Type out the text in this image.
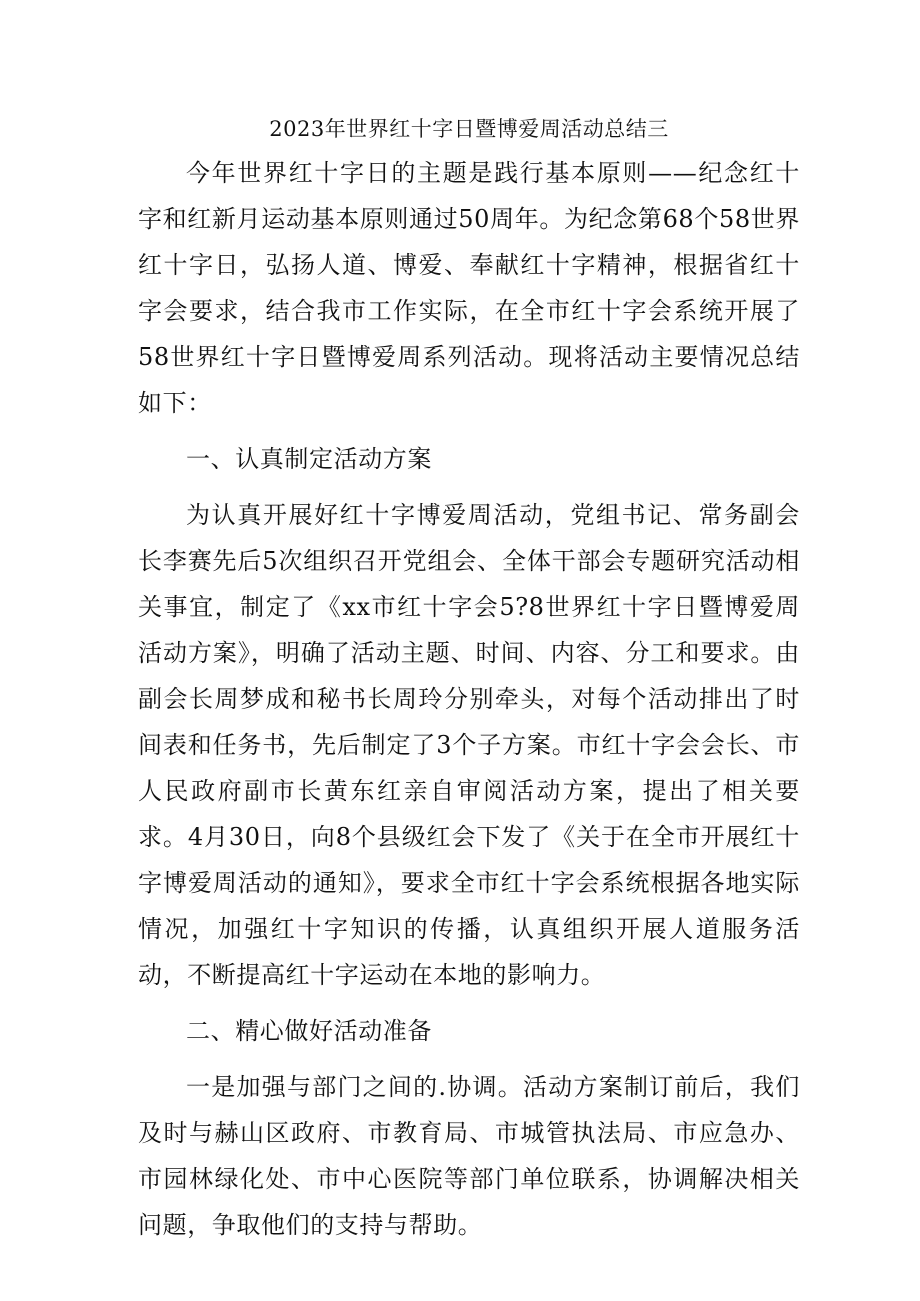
2023年世界红十字日暨博爱周活动总结三

今年世界红十字日的主题是践行基本原则——纪念红十字和红新月运动基本原则通过50周年。为纪念第68个58世界红十字日，弘扬人道、博爱、奉献红十字精神，根据省红十字会要求，结合我市工作实际，在全市红十字会系统开展了58世界红十字日暨博爱周系列活动。现将活动主要情况总结如下：

一、认真制定活动方案

为认真开展好红十字博爱周活动，党组书记、常务副会长李赛先后5次组织召开党组会、全体干部会专题研究活动相关事宜，制定了《xx市红十字会5?8世界红十字日暨博爱周活动方案》，明确了活动主题、时间、内容、分工和要求。由副会长周梦成和秘书长周玲分别牵头，对每个活动排出了时间表和任务书，先后制定了3个子方案。市红十字会会长、市人民政府副市长黄东红亲自审阅活动方案，提出了相关要求。4月30日，向8个县级红会下发了《关于在全市开展红十字博爱周活动的通知》，要求全市红十字会系统根据各地实际情况，加强红十字知识的传播，认真组织开展人道服务活动，不断提高红十字运动在本地的影响力。

二、精心做好活动准备

一是加强与部门之间的.协调。活动方案制订前后，我们及时与赫山区政府、市教育局、市城管执法局、市应急办、市园林绿化处、市中心医院等部门单位联系，协调解决相关问题，争取他们的支持与帮助。
